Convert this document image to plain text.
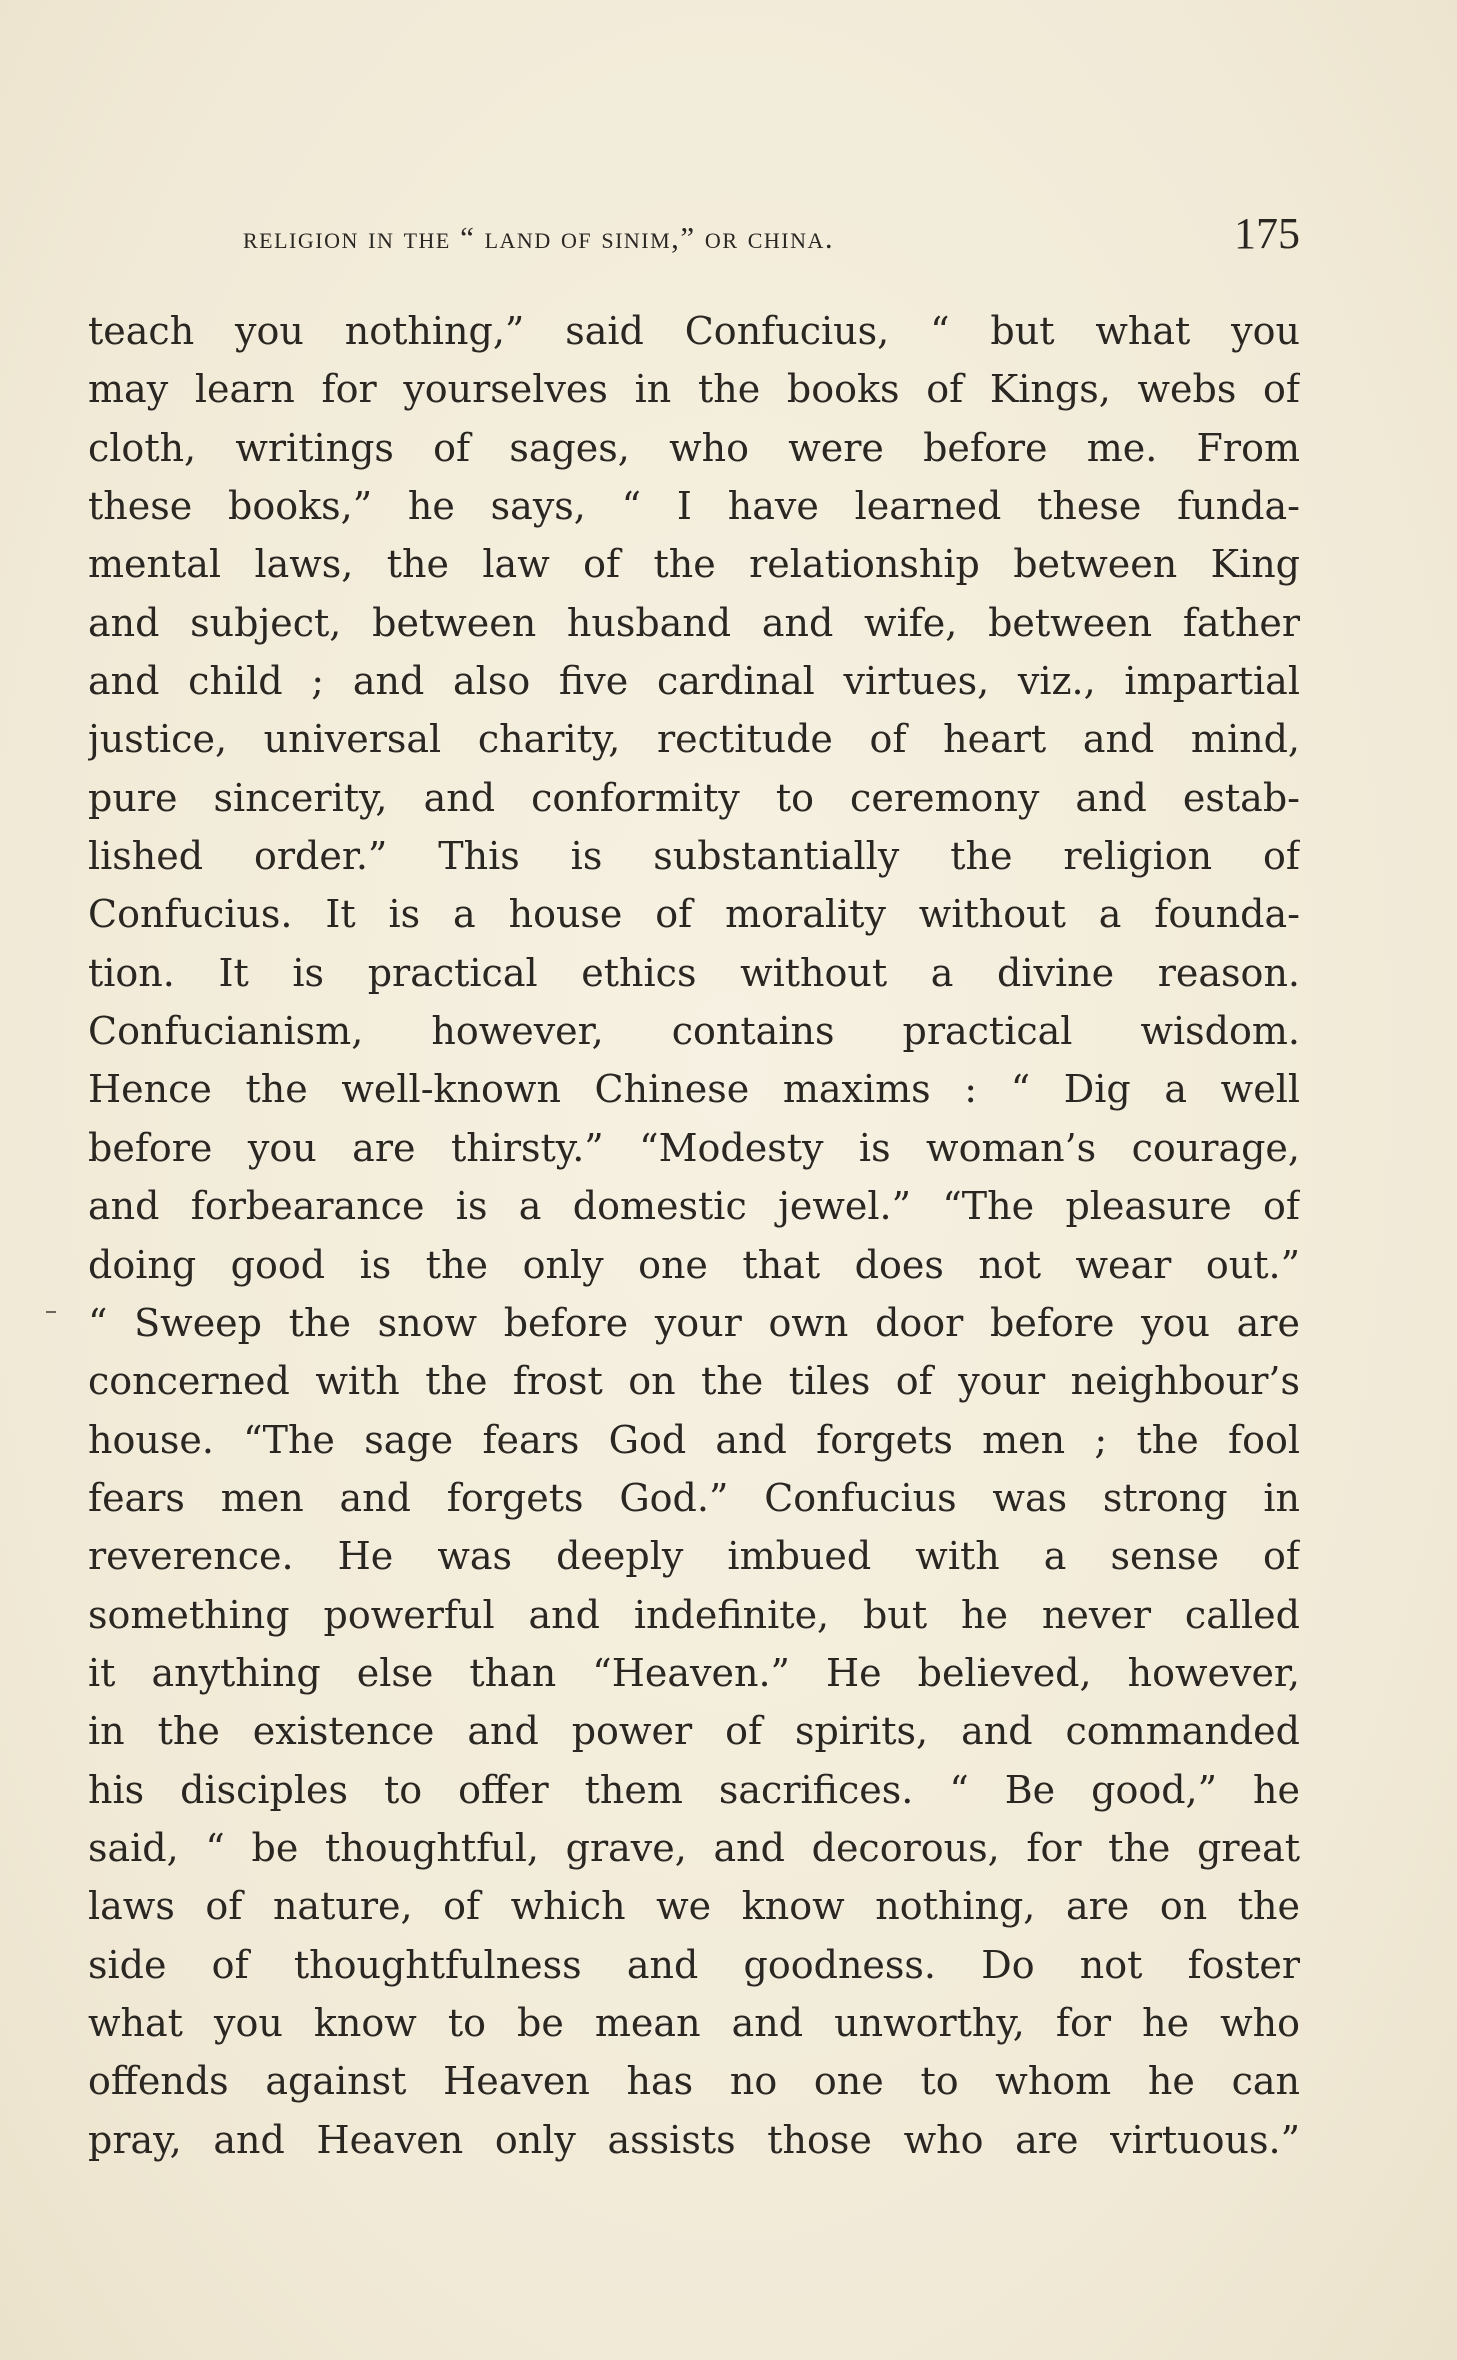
religion in the “ land of sinim,” or china.	175
teach you nothing,” said Confucius, “ but what you
may learn for yourselves in the books of Kings, webs of
cloth, writings of sages, who were before me. From
these books,” he says, “ I have learned these funda-
mental laws, the law of the relationship between King
and subject, between husband and wife, between father
and child ; and also five cardinal virtues, viz., impartial
justice, universal charity, rectitude of heart and mind,
pure sincerity, and conformity to ceremony and estab-
lished order.” This is substantially the religion of
Confucius. It is a house of morality without a founda-
tion. It is practical ethics without a divine reason.
Confucianism, however, contains practical wisdom.
Hence the well-known Chinese maxims : “ Dig a well
before you are thirsty.” “Modesty is woman’s courage,
and forbearance is a domestic jewel.” “The pleasure of
doing good is the only one that does not wear out.”
“ Sweep the snow before your own door before you are
concerned with the frost on the tiles of your neighbour’s
house. “The sage fears God and forgets men ; the fool
fears men and forgets God.” Confucius was strong in
reverence. He was deeply imbued with a sense of
something powerful and indefinite, but he never called
it anything else than “Heaven.” He believed, however,
in the existence and power of spirits, and commanded
his disciples to offer them sacrifices. “ Be good,” he
said, “ be thoughtful, grave, and decorous, for the great
laws of nature, of which we know nothing, are on the
side of thoughtfulness and goodness. Do not foster
what you know to be mean and unworthy, for he who
offends against Heaven has no one to whom he can
pray, and Heaven only assists those who are virtuous.”
